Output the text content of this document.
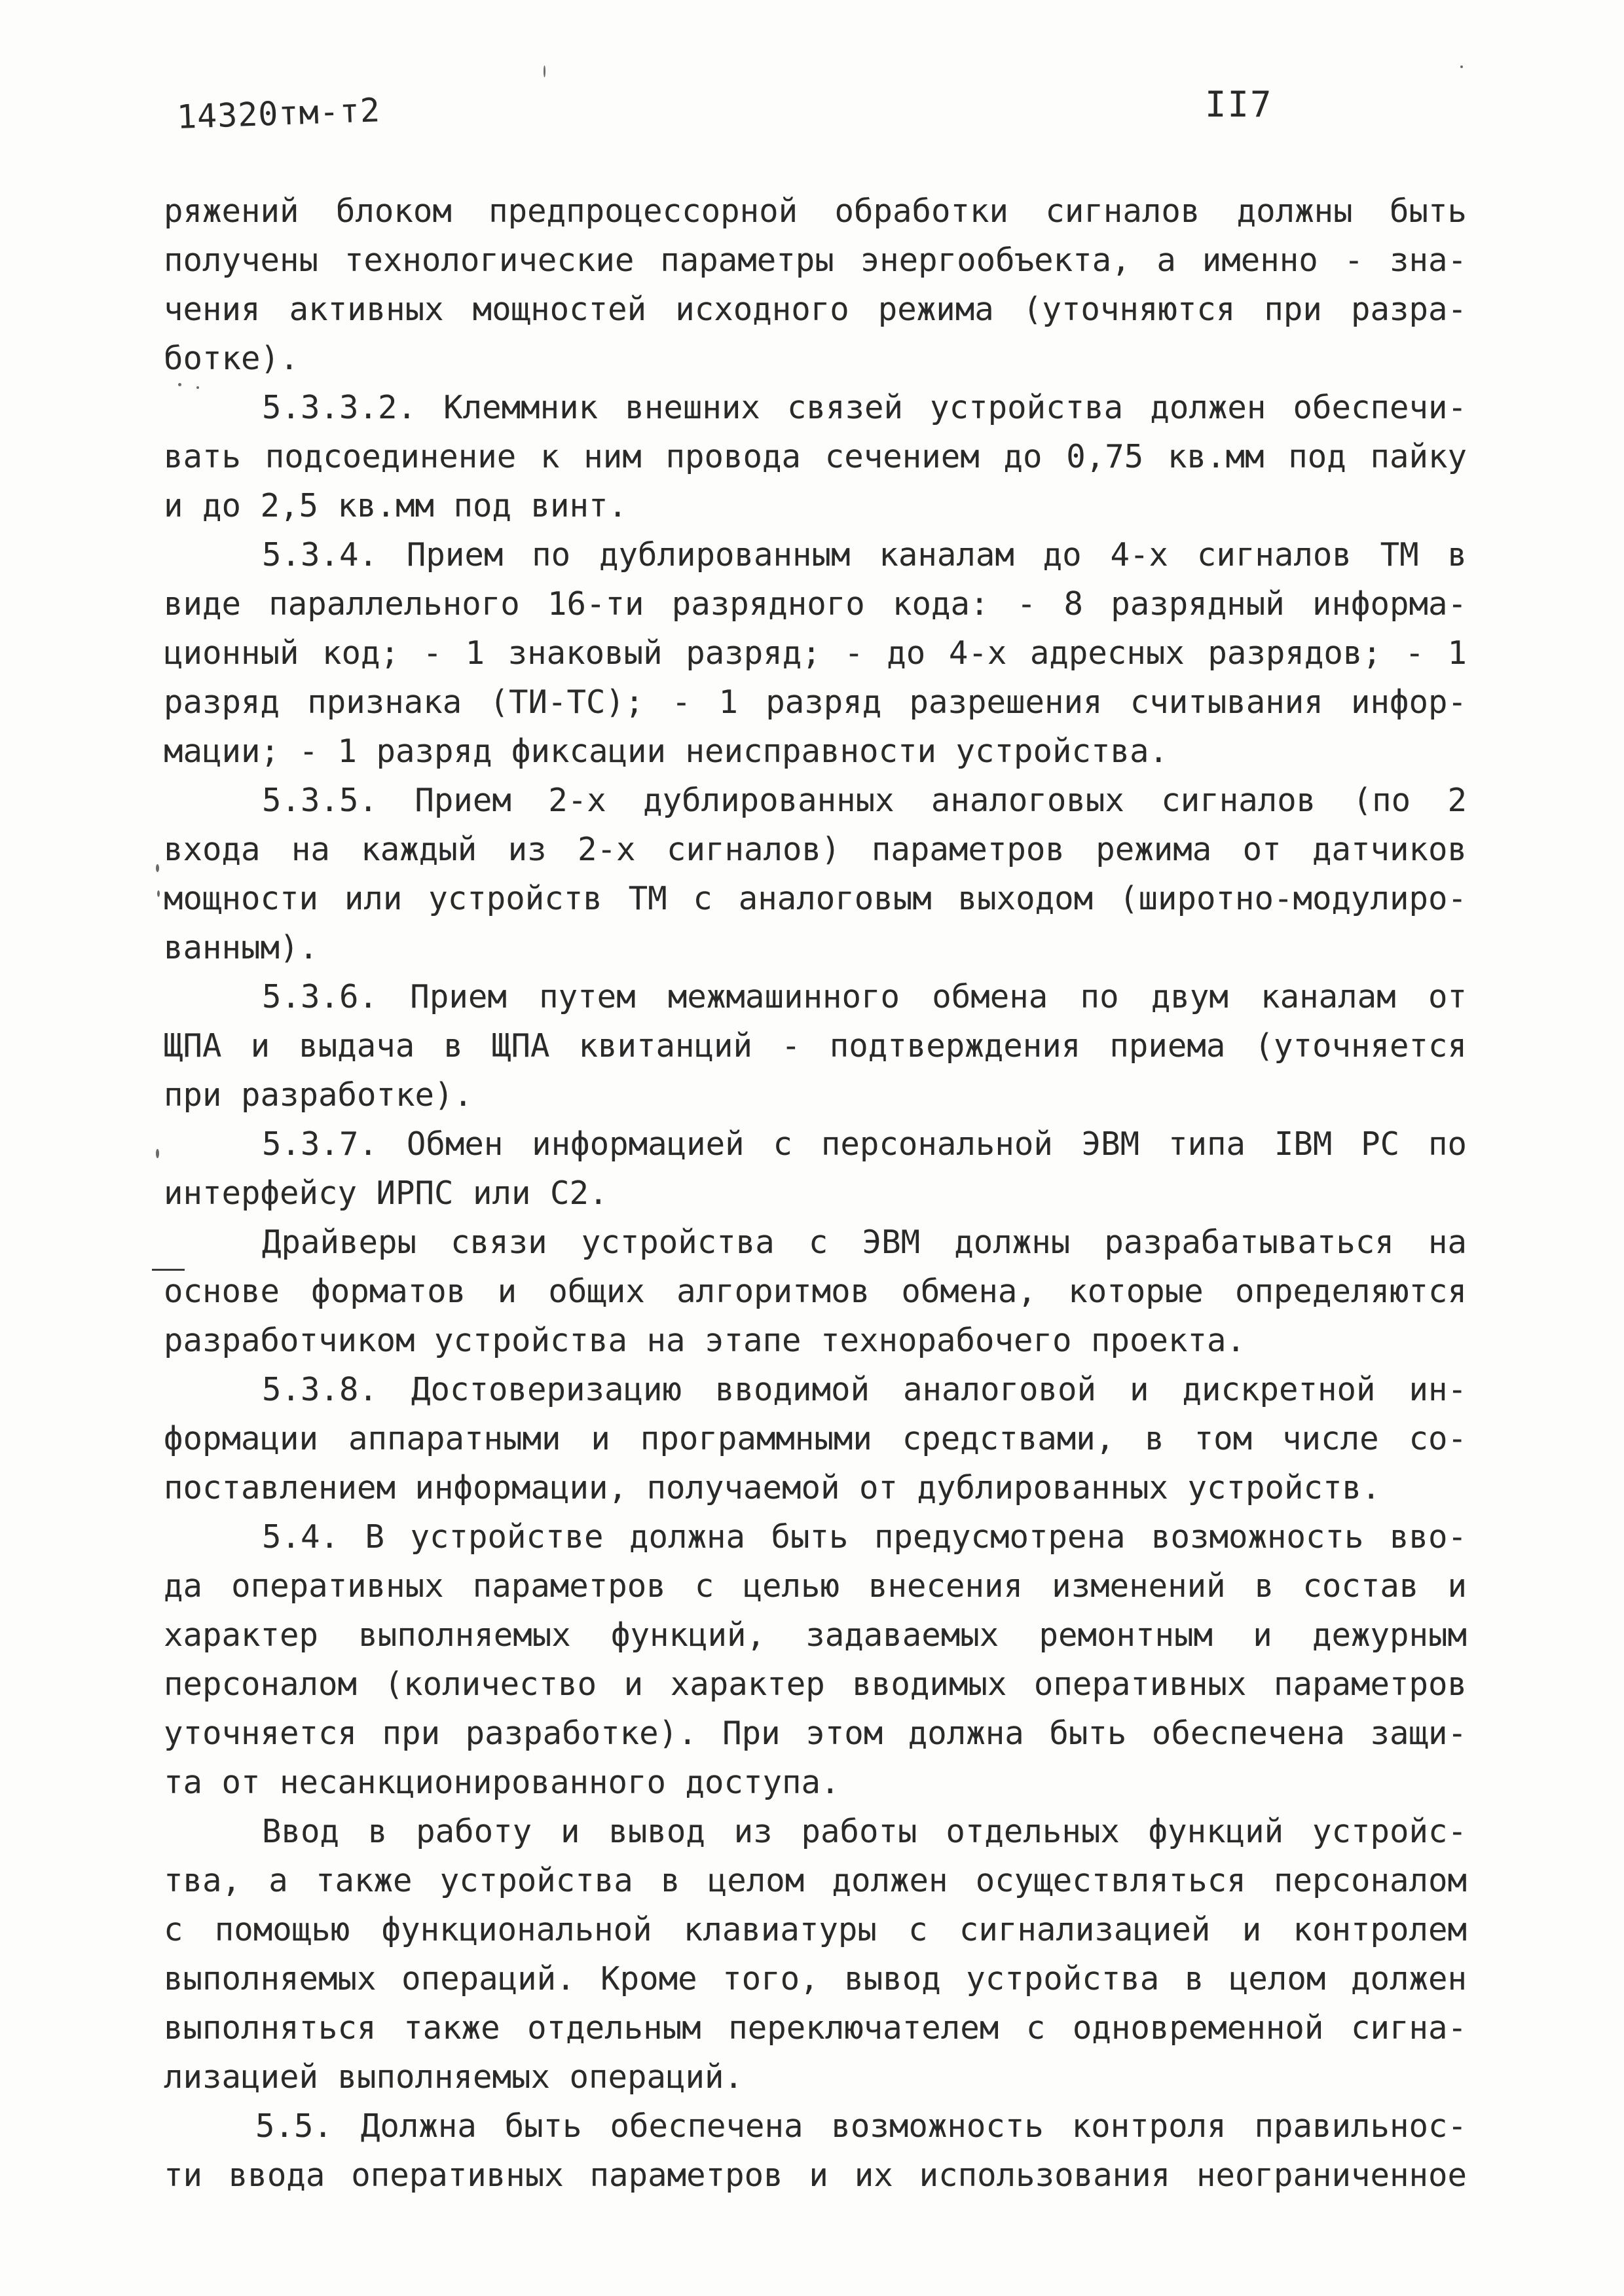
14320тм-т2	II7
ряжений блоком предпроцессорной обработки сигналов должны быть
получены технологические параметры энергообъекта, а именно - зна-
чения активных мощностей исходного режима (уточняются при разра-
ботке).
5.3.3.2. Клеммник внешних связей устройства должен обеспечи-
вать подсоединение к ним провода сечением до 0,75 кв.мм под пайку
и до 2,5 кв.мм под винт.
5.3.4. Прием по дублированным каналам до 4-х сигналов ТМ в
виде параллельного 16-ти разрядного кода: - 8 разрядный информа-
ционный код; - 1 знаковый разряд; - до 4-х адресных разрядов; - 1
разряд признака (ТИ-ТС); - 1 разряд разрешения считывания инфор-
мации; - 1 разряд фиксации неисправности устройства.
5.3.5. Прием 2-х дублированных аналоговых сигналов (по 2
входа на каждый из 2-х сигналов) параметров режима от датчиков
мощности или устройств ТМ с аналоговым выходом (широтно-модулиро-
ванным).
5.3.6. Прием путем межмашинного обмена по двум каналам от
ЩПА и выдача в ЩПА квитанций - подтверждения приема (уточняется
при разработке).
5.3.7. Обмен информацией с персональной ЭВМ типа IBM PC по
интерфейсу ИРПС или С2.
Драйверы связи устройства с ЭВМ должны разрабатываться на
основе форматов и общих алгоритмов обмена, которые определяются
разработчиком устройства на этапе технорабочего проекта.
5.3.8. Достоверизацию вводимой аналоговой и дискретной ин-
формации аппаратными и программными средствами, в том числе со-
поставлением информации, получаемой от дублированных устройств.
5.4. В устройстве должна быть предусмотрена возможность вво-
да оперативных параметров с целью внесения изменений в состав и
характер выполняемых функций, задаваемых ремонтным и дежурным
персоналом (количество и характер вводимых оперативных параметров
уточняется при разработке). При этом должна быть обеспечена защи-
та от несанкционированного доступа.
Ввод в работу и вывод из работы отдельных функций устройс-
тва, а также устройства в целом должен осуществляться персоналом
с помощью функциональной клавиатуры с сигнализацией и контролем
выполняемых операций. Кроме того, вывод устройства в целом должен
выполняться также отдельным переключателем с одновременной сигна-
лизацией выполняемых операций.
5.5. Должна быть обеспечена возможность контроля правильнос-
ти ввода оперативных параметров и их использования неограниченное
